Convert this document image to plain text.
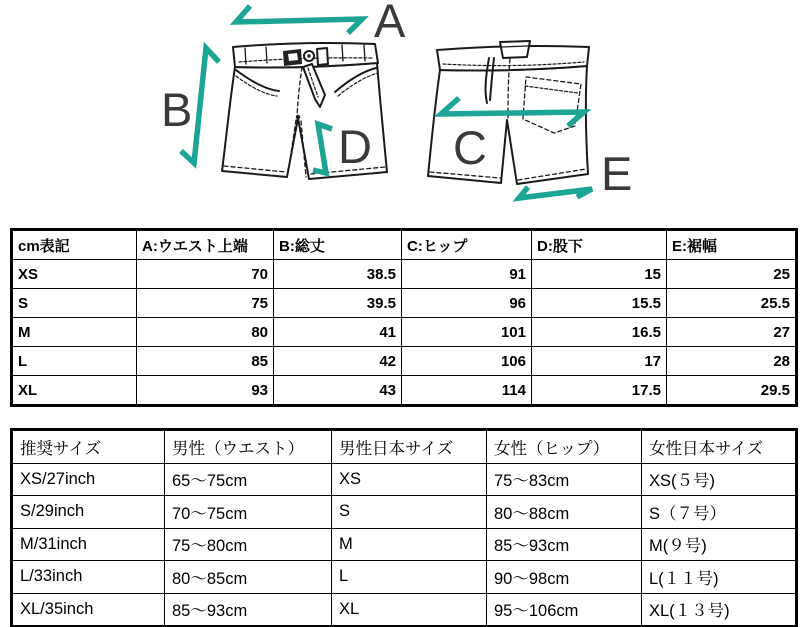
A
B
C
D
E
cm表記	A:ウエスト上端	B:総丈	C:ヒップ	D:股下	E:裾幅
XS	70	38.5	91	15	25
S	75	39.5	96	15.5	25.5
M	80	41	101	16.5	27
L	85	42	106	17	28
XL	93	43	114	17.5	29.5
推奨サイズ	男性（ウエスト）	男性日本サイズ	女性（ヒップ）	女性日本サイズ
XS/27inch	65～75cm	XS	75～83cm	XS(５号)
S/29inch	70～75cm	S	80～88cm	S（７号）
M/31inch	75～80cm	M	85～93cm	M(９号)
L/33inch	80～85cm	L	90～98cm	L(１１号)
XL/35inch	85～93cm	XL	95～106cm	XL(１３号)
